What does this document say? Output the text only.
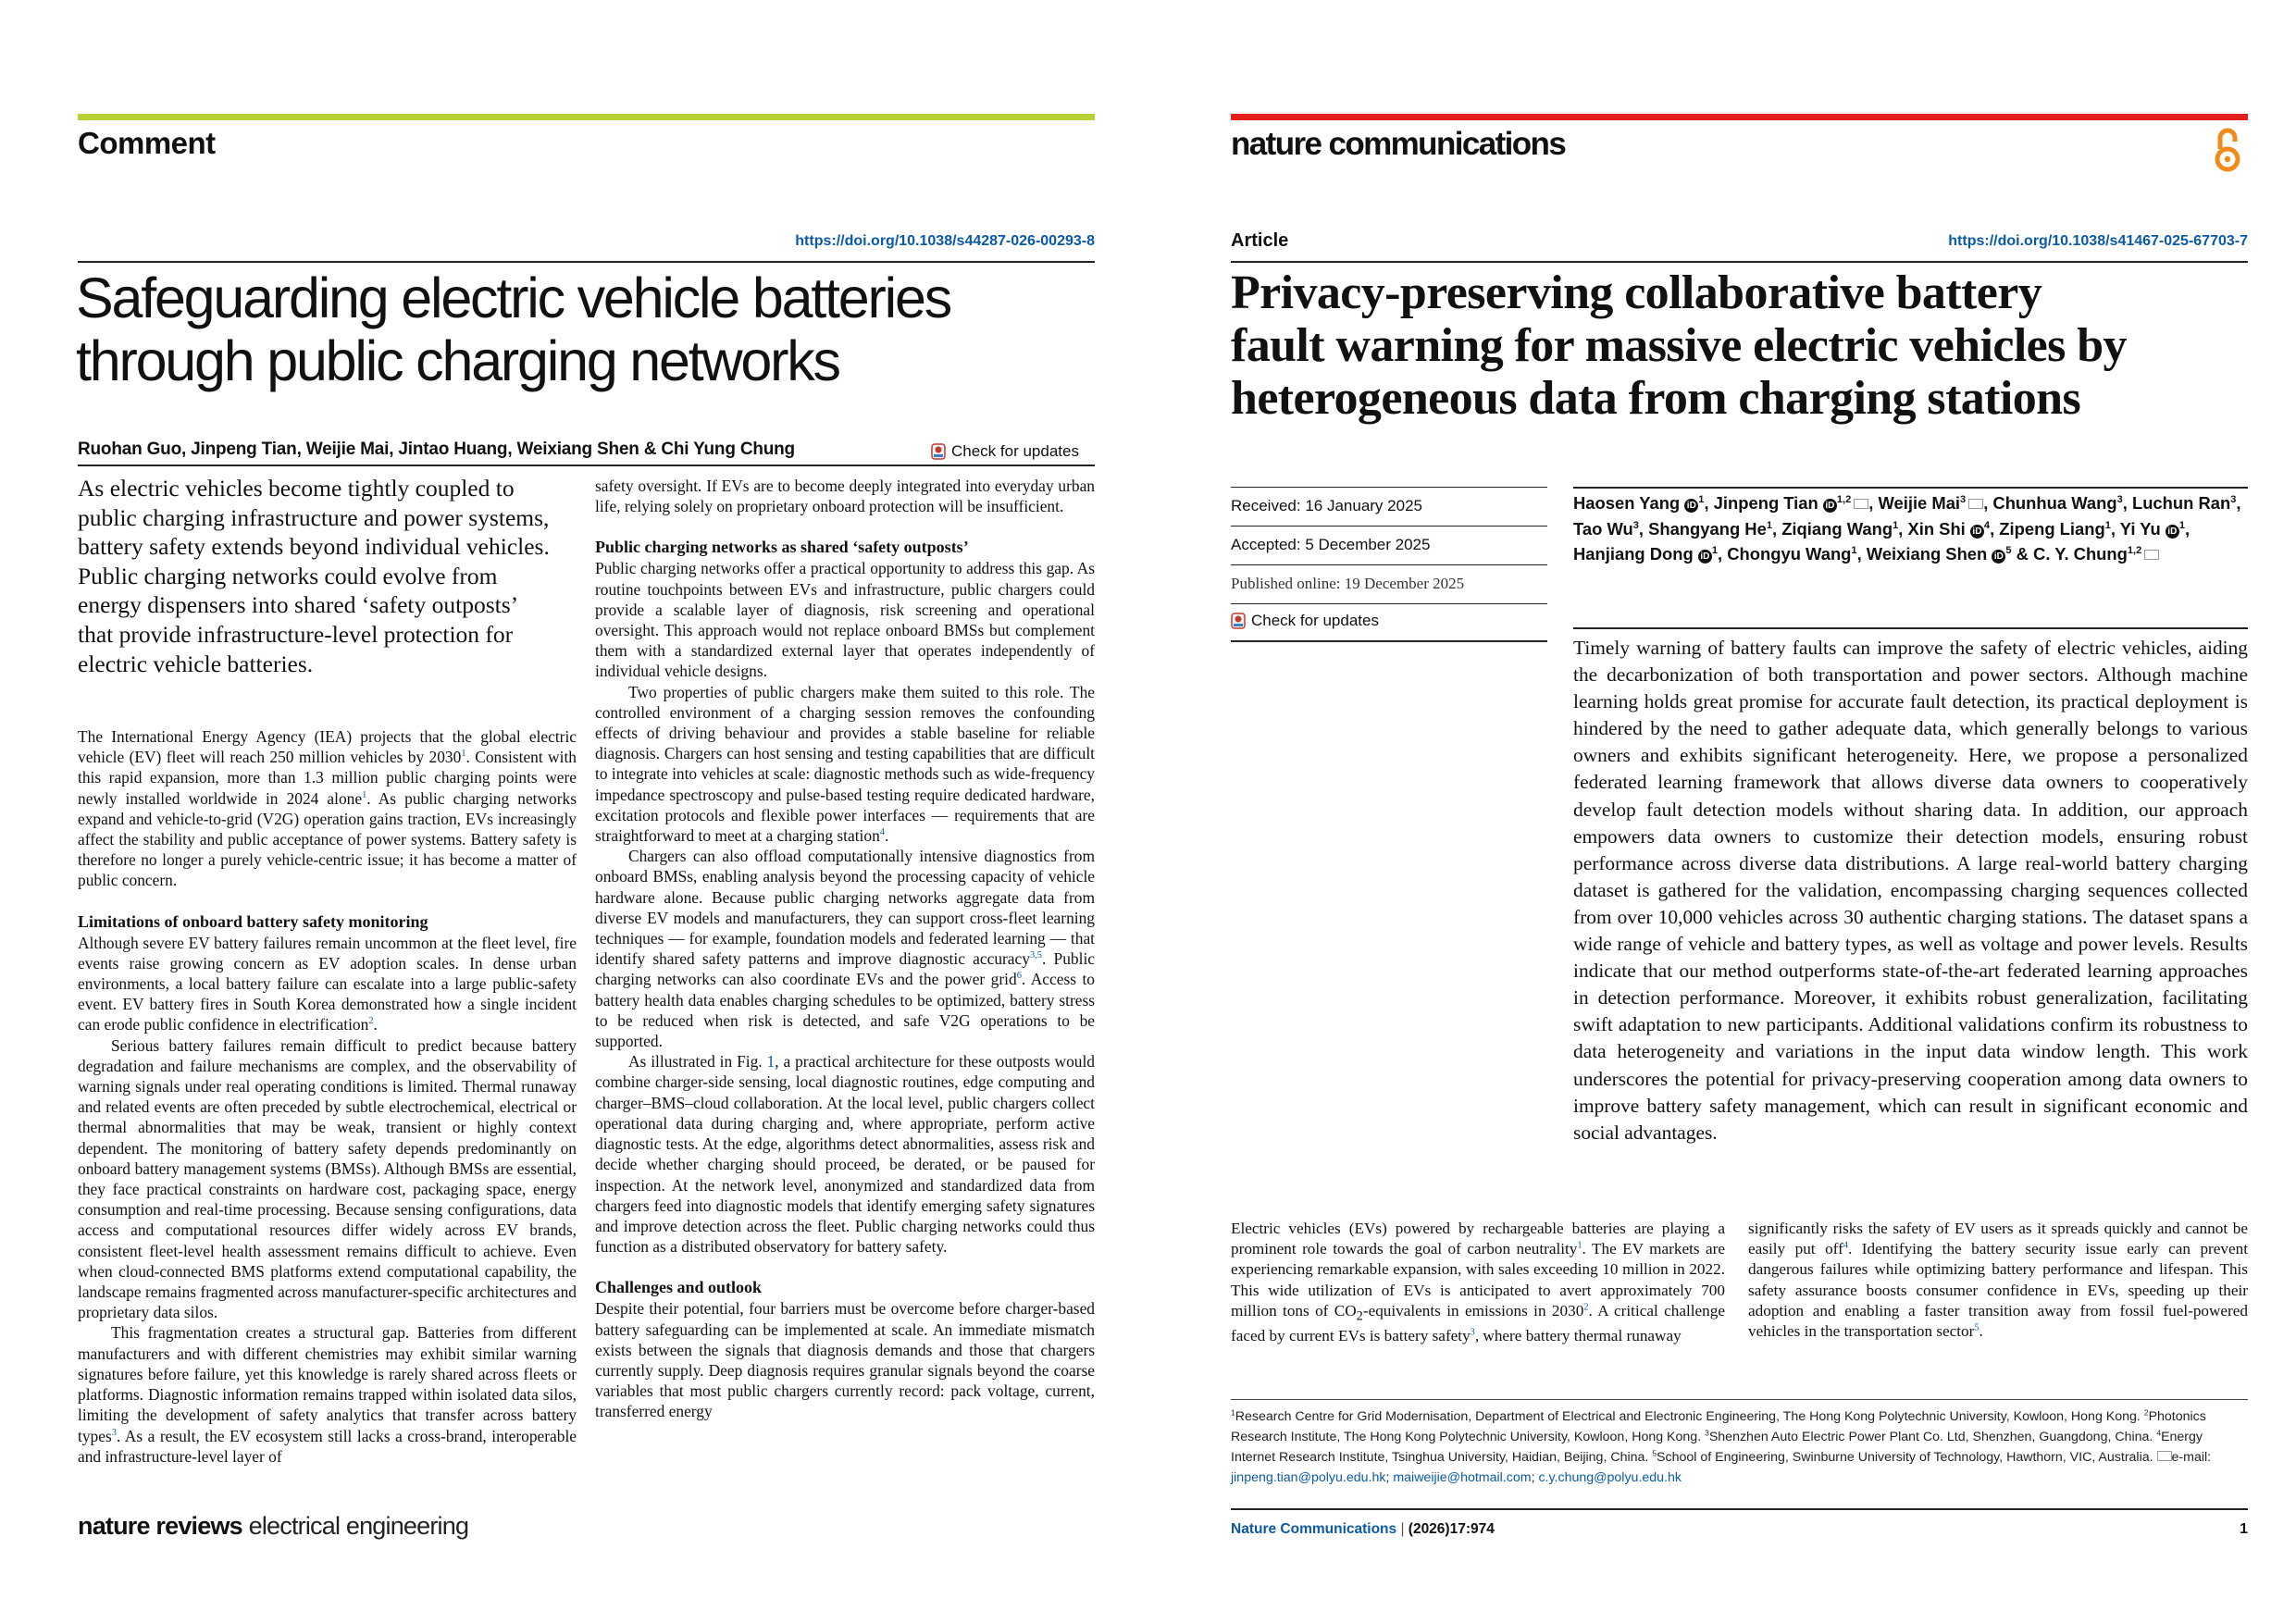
Comment
https://doi.org/10.1038/s44287-026-00293-8
Safeguarding electric vehicle batteries
through public charging networks
Ruohan Guo, Jinpeng Tian, Weijie Mai, Jintao Huang, Weixiang Shen & Chi Yung Chung	Check for updates
As electric vehicles become tightly coupled to public charging infrastructure and power systems, battery safety extends beyond individual vehicles. Public charging networks could evolve from energy dispensers into shared ‘safety outposts’ that provide infrastructure-level protection for electric vehicle batteries.

The International Energy Agency (IEA) projects that the global electric vehicle (EV) fleet will reach 250 million vehicles by 2030$^1$. Consistent with this rapid expansion, more than 1.3 million public charging points were newly installed worldwide in 2024 alone$^1$. As public charging networks expand and vehicle-to-grid (V2G) operation gains traction, EVs increasingly affect the stability and public acceptance of power systems. Battery safety is therefore no longer a purely vehicle-centric issue; it has become a matter of public concern.

Limitations of onboard battery safety monitoring

Although severe EV battery failures remain uncommon at the fleet level, fire events raise growing concern as EV adoption scales. In dense urban environments, a local battery failure can escalate into a large public-safety event. EV battery fires in South Korea demonstrated how a single incident can erode public confidence in electrification$^2$.

Serious battery failures remain difficult to predict because battery degradation and failure mechanisms are complex, and the observability of warning signals under real operating conditions is limited. Thermal runaway and related events are often preceded by subtle electrochemical, electrical or thermal abnormalities that may be weak, transient or highly context dependent. The monitoring of battery safety depends predominantly on onboard battery management systems (BMSs). Although BMSs are essential, they face practical constraints on hardware cost, packaging space, energy consumption and real-time processing. Because sensing configurations, data access and computational resources differ widely across EV brands, consistent fleet-level health assessment remains difficult to achieve. Even when cloud-connected BMS platforms extend computational capability, the landscape remains fragmented across manufacturer-specific architectures and proprietary data silos.

This fragmentation creates a structural gap. Batteries from different manufacturers and with different chemistries may exhibit similar warning signatures before failure, yet this knowledge is rarely shared across fleets or platforms. Diagnostic information remains trapped within isolated data silos, limiting the development of safety analytics that transfer across battery types$^3$. As a result, the EV ecosystem still lacks a cross-brand, interoperable and infrastructure-level layer of

safety oversight. If EVs are to become deeply integrated into everyday urban life, relying solely on proprietary onboard protection will be insufficient.

Public charging networks as shared ‘safety outposts’

Public charging networks offer a practical opportunity to address this gap. As routine touchpoints between EVs and infrastructure, public chargers could provide a scalable layer of diagnosis, risk screening and operational oversight. This approach would not replace onboard BMSs but complement them with a standardized external layer that operates independently of individual vehicle designs.

Two properties of public chargers make them suited to this role. The controlled environment of a charging session removes the confounding effects of driving behaviour and provides a stable baseline for reliable diagnosis. Chargers can host sensing and testing capabilities that are difficult to integrate into vehicles at scale: diagnostic methods such as wide-frequency impedance spectroscopy and pulse-based testing require dedicated hardware, excitation protocols and flexible power interfaces — requirements that are straightforward to meet at a charging station$^4$.

Chargers can also offload computationally intensive diagnostics from onboard BMSs, enabling analysis beyond the processing capacity of vehicle hardware alone. Because public charging networks aggregate data from diverse EV models and manufacturers, they can support cross-fleet learning techniques — for example, foundation models and federated learning — that identify shared safety patterns and improve diagnostic accuracy$^{3,5}$. Public charging networks can also coordinate EVs and the power grid$^6$. Access to battery health data enables charging schedules to be optimized, battery stress to be reduced when risk is detected, and safe V2G operations to be supported.

As illustrated in Fig. 1, a practical architecture for these outposts would combine charger-side sensing, local diagnostic routines, edge computing and charger–BMS–cloud collaboration. At the local level, public chargers collect operational data during charging and, where appropriate, perform active diagnostic tests. At the edge, algorithms detect abnormalities, assess risk and decide whether charging should proceed, be derated, or be paused for inspection. At the network level, anonymized and standardized data from chargers feed into diagnostic models that identify emerging safety signatures and improve detection across the fleet. Public charging networks could thus function as a distributed observatory for battery safety.

Challenges and outlook

Despite their potential, four barriers must be overcome before charger-based battery safeguarding can be implemented at scale. An immediate mismatch exists between the signals that diagnosis demands and those that chargers currently supply. Deep diagnosis requires granular signals beyond the coarse variables that most public chargers currently record: pack voltage, current, transferred energy

nature reviews electrical engineering
nature communications
Article	https://doi.org/10.1038/s41467-025-67703-7
Privacy-preserving collaborative battery
fault warning for massive electric vehicles by
heterogeneous data from charging stations
Received: 16 January 2025
Accepted: 5 December 2025
Published online: 19 December 2025
Check for updates
Haosen Yang $iD^1$, Jinpeng Tian iD$^{1,2}$ , Weijie Mai$^3$ , Chunhua Wang$^3$, Luchun Ran$^3$, Tao Wu$^3$, Shangyang He$^1$, Ziqiang Wang$^1$, Xin Shi $iD^4$, Zipeng Liang$^1$, Yi Yu $iD^1$, Hanjiang Dong $iD^1$, Chongyu Wang$^1$, Weixiang Shen $iD^5$ & C. Y. Chung$^{1,2}$
Timely warning of battery faults can improve the safety of electric vehicles, aiding the decarbonization of both transportation and power sectors. Although machine learning holds great promise for accurate fault detection, its practical deployment is hindered by the need to gather adequate data, which generally belongs to various owners and exhibits significant heterogeneity. Here, we propose a personalized federated learning framework that allows diverse data owners to cooperatively develop fault detection models without sharing data. In addition, our approach empowers data owners to customize their detection models, ensuring robust performance across diverse data distributions. A large real-world battery charging dataset is gathered for the validation, encompassing charging sequences collected from over 10,000 vehicles across 30 authentic charging stations. The dataset spans a wide range of vehicle and battery types, as well as voltage and power levels. Results indicate that our method outperforms state-of-the-art federated learning approaches in detection performance. Moreover, it exhibits robust generalization, facilitating swift adaptation to new participants. Additional validations confirm its robustness to data heterogeneity and variations in the input data window length. This work underscores the potential for privacy-preserving cooperation among data owners to improve battery safety management, which can result in significant economic and social advantages.

Electric vehicles (EVs) powered by rechargeable batteries are playing a prominent role towards the goal of carbon neutrality$^1$. The EV markets are experiencing remarkable expansion, with sales exceeding 10 million in 2022. This wide utilization of EVs is anticipated to avert approximately 700 million tons of $CO_2$-equivalents in emissions in 2030$^2$. A critical challenge faced by current EVs is battery safety$^3$, where battery thermal runaway

significantly risks the safety of EV users as it spreads quickly and cannot be easily put off$^4$. Identifying the battery security issue early can prevent dangerous failures while optimizing battery performance and lifespan. This safety assurance boosts consumer confidence in EVs, speeding up their adoption and enabling a faster transition away from fossil fuel-powered vehicles in the transportation sector$^5$.

$^1$Research Centre for Grid Modernisation, Department of Electrical and Electronic Engineering, The Hong Kong Polytechnic University, Kowloon, Hong Kong. $^2$Photonics Research Institute, The Hong Kong Polytechnic University, Kowloon, Hong Kong. $^3$Shenzhen Auto Electric Power Plant Co. Ltd, Shenzhen, Guangdong, China. $^4$Energy Internet Research Institute, Tsinghua University, Haidian, Beijing, China. $^5$School of Engineering, Swinburne University of Technology, Hawthorn, VIC, Australia. e-mail: jinpeng.tian@polyu.edu.hk; maiweijie@hotmail.com; c.y.chung@polyu.edu.hk
Nature Communications | (2026)17:974	1
